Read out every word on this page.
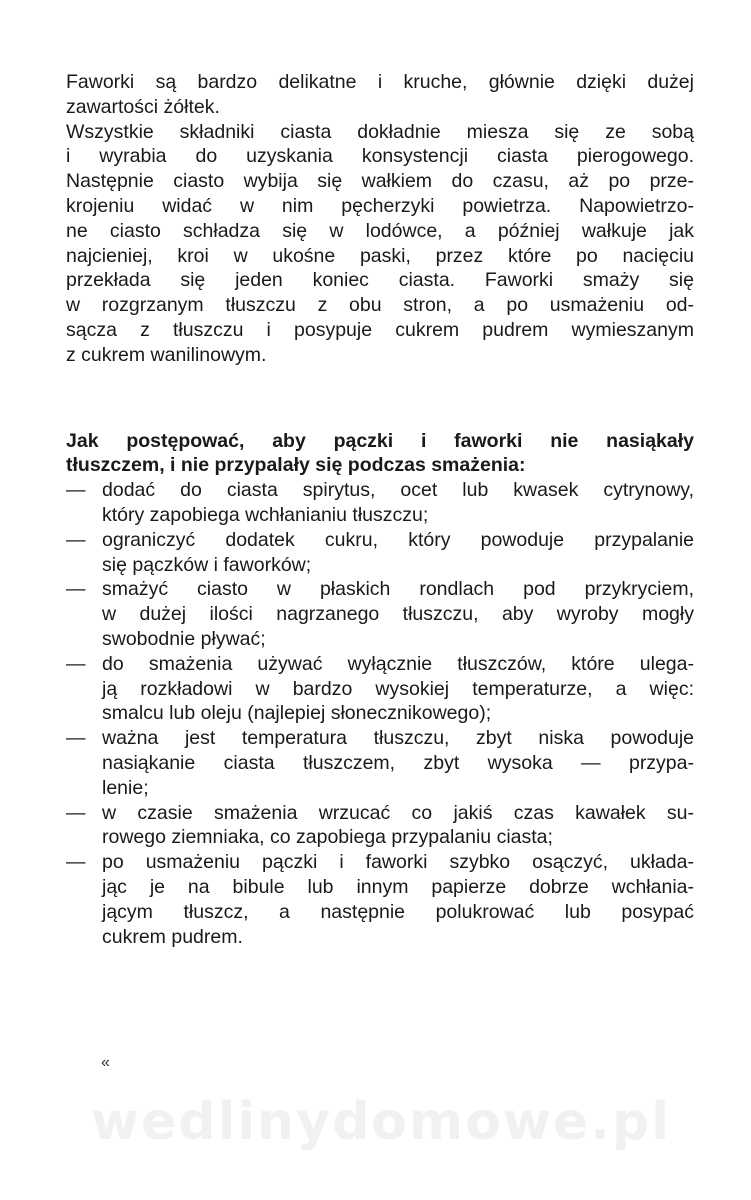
Faworki są bardzo delikatne i kruche, głównie dzięki dużej
zawartości żółtek.

Wszystkie składniki ciasta dokładnie miesza się ze sobą
i wyrabia do uzyskania konsystencji ciasta pierogowego.
Następnie ciasto wybija się wałkiem do czasu, aż po prze-
krojeniu widać w nim pęcherzyki powietrza. Napowietrzo-
ne ciasto schładza się w lodówce, a później wałkuje jak
najcieniej, kroi w ukośne paski, przez które po nacięciu
przekłada się jeden koniec ciasta. Faworki smaży się
w rozgrzanym tłuszczu z obu stron, a po usmażeniu od-
sącza z tłuszczu i posypuje cukrem pudrem wymieszanym
z cukrem wanilinowym.

Jak postępować, aby pączki i faworki nie nasiąkały
tłuszczem, i nie przypalały się podczas smażenia:
— dodać do ciasta spirytus, ocet lub kwasek cytrynowy,
który zapobiega wchłanianiu tłuszczu;
— ograniczyć dodatek cukru, który powoduje przypalanie
się pączków i faworków;
— smażyć ciasto w płaskich rondlach pod przykryciem,
w dużej ilości nagrzanego tłuszczu, aby wyroby mogły
swobodnie pływać;
— do smażenia używać wyłącznie tłuszczów, które ulega-
ją rozkładowi w bardzo wysokiej temperaturze, a więc:
smalcu lub oleju (najlepiej słonecznikowego);
— ważna jest temperatura tłuszczu, zbyt niska powoduje
nasiąkanie ciasta tłuszczem, zbyt wysoka — przypa-
lenie;
— w czasie smażenia wrzucać co jakiś czas kawałek su-
rowego ziemniaka, co zapobiega przypalaniu ciasta;
— po usmażeniu pączki i faworki szybko osączyć, układa-
jąc je na bibule lub innym papierze dobrze wchłania-
jącym tłuszcz, a następnie polukrować lub posypać
cukrem pudrem.
«
wedlinydomowe.pl
